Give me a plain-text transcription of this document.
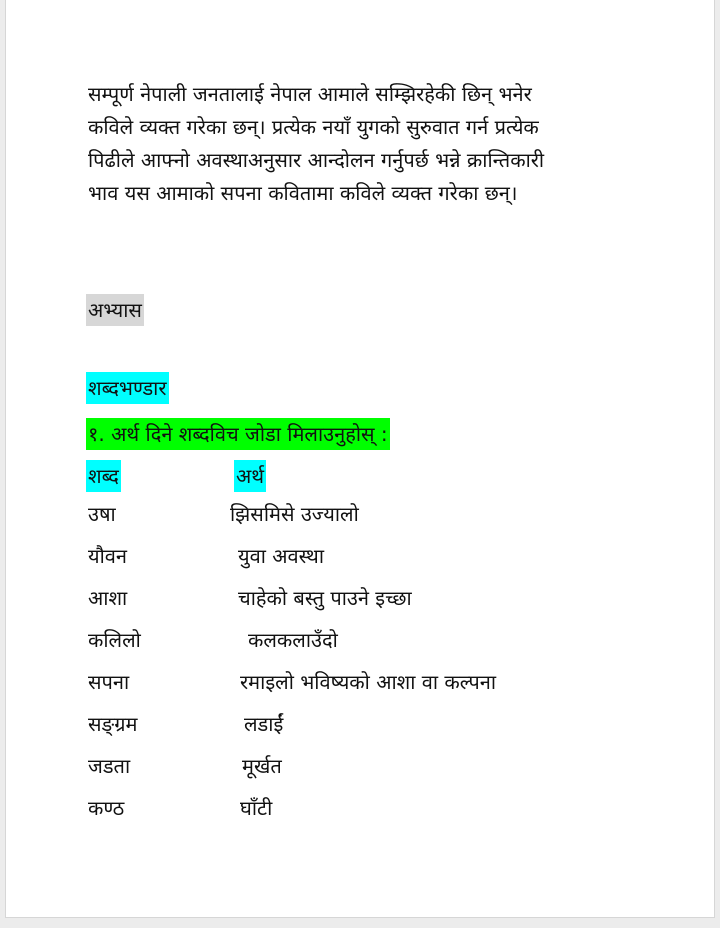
सम्पूर्ण नेपाली जनतालाई नेपाल आमाले सम्झिरहेकी छिन् भनेर
कविले व्यक्त गरेका छन्। प्रत्येक नयाँ युगको सुरुवात गर्न प्रत्येक
पिढीले आफ्नो अवस्थाअनुसार आन्दोलन गर्नुपर्छ भन्ने क्रान्तिकारी
भाव यस आमाको सपना कवितामा कविले व्यक्त गरेका छन्।

अभ्यास
शब्दभण्डार
१. अर्थ दिने शब्दविच जोडा मिलाउनुहोस् :
शब्द	अर्थ
उषा	झिसमिसे उज्यालो
यौवन	युवा अवस्था
आशा	चाहेको बस्तु पाउने इच्छा
कलिलो	कलकलाउँदो
सपना	रमाइलो भविष्यको आशा वा कल्पना
सङ्ग्रम	लडाईं
जडता	मूर्खत
कण्ठ	घाँटी
